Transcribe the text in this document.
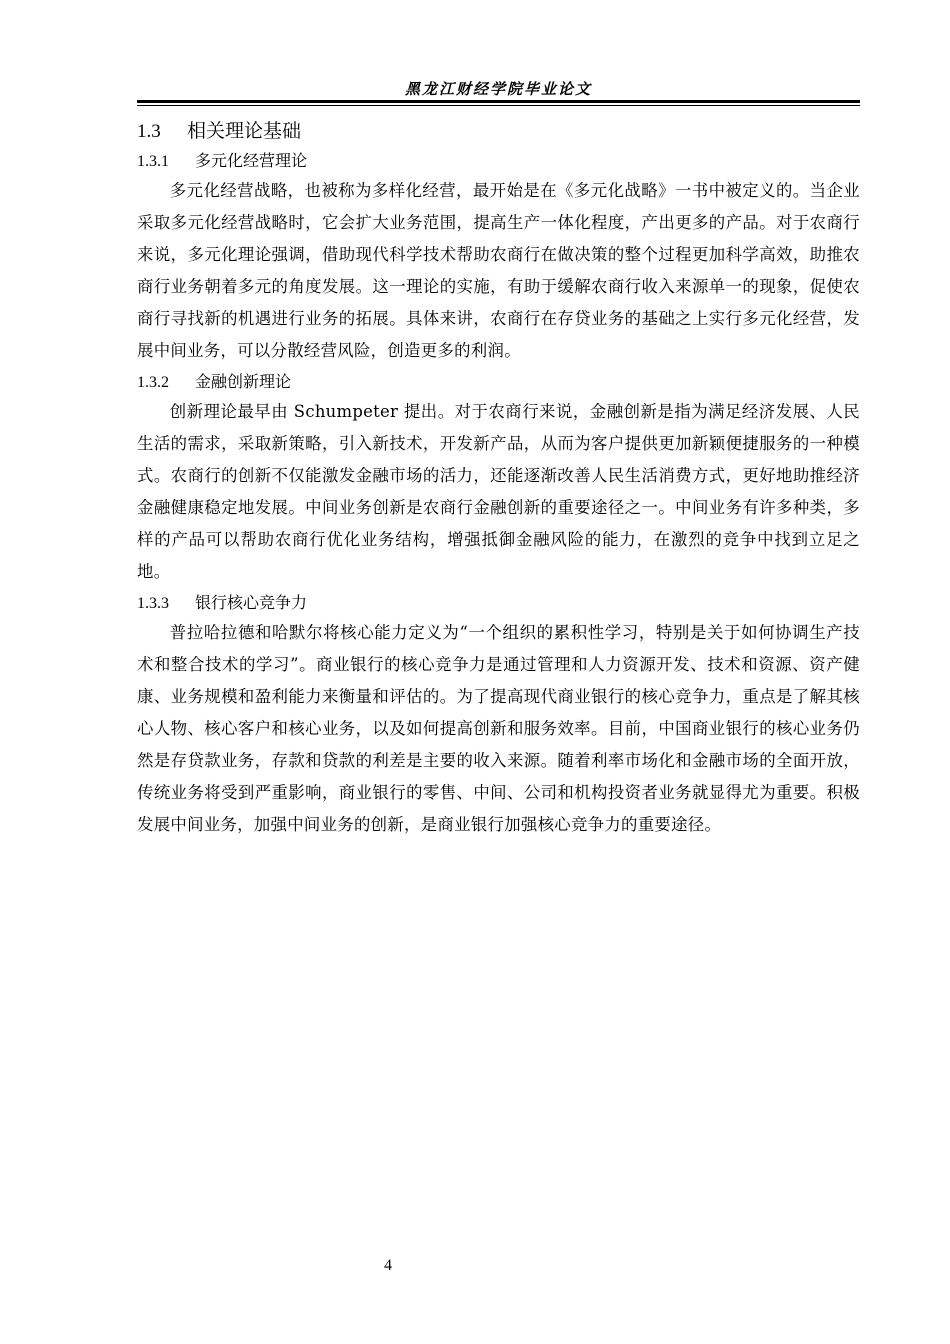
黑龙江财经学院毕业论文
1.3 相关理论基础
1.3.1 多元化经营理论

多元化经营战略，也被称为多样化经营，最开始是在《多元化战略》一书中被定义的。当企业采取多元化经营战略时，它会扩大业务范围，提高生产一体化程度，产出更多的产品。对于农商行来说，多元化理论强调，借助现代科学技术帮助农商行在做决策的整个过程更加科学高效，助推农商行业务朝着多元的角度发展。这一理论的实施，有助于缓解农商行收入来源单一的现象，促使农商行寻找新的机遇进行业务的拓展。具体来讲，农商行在存贷业务的基础之上实行多元化经营，发展中间业务，可以分散经营风险，创造更多的利润。

1.3.2 金融创新理论

创新理论最早由 Schumpeter 提出。对于农商行来说，金融创新是指为满足经济发展、人民生活的需求，采取新策略，引入新技术，开发新产品，从而为客户提供更加新颖便捷服务的一种模式。农商行的创新不仅能激发金融市场的活力，还能逐渐改善人民生活消费方式，更好地助推经济金融健康稳定地发展。中间业务创新是农商行金融创新的重要途径之一。中间业务有许多种类，多样的产品可以帮助农商行优化业务结构，增强抵御金融风险的能力，在激烈的竞争中找到立足之地。

1.3.3 银行核心竞争力

普拉哈拉德和哈默尔将核心能力定义为“一个组织的累积性学习，特别是关于如何协调生产技术和整合技术的学习”。商业银行的核心竞争力是通过管理和人力资源开发、技术和资源、资产健康、业务规模和盈利能力来衡量和评估的。为了提高现代商业银行的核心竞争力，重点是了解其核心人物、核心客户和核心业务，以及如何提高创新和服务效率。目前，中国商业银行的核心业务仍然是存贷款业务，存款和贷款的利差是主要的收入来源。随着利率市场化和金融市场的全面开放，传统业务将受到严重影响，商业银行的零售、中间、公司和机构投资者业务就显得尤为重要。积极发展中间业务，加强中间业务的创新，是商业银行加强核心竞争力的重要途径。

4
